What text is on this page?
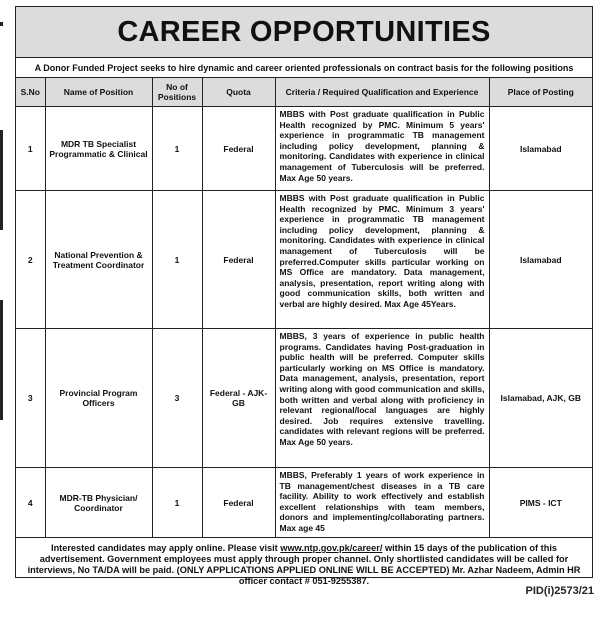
CAREER OPPORTUNITIES
A Donor Funded Project seeks to hire dynamic and career oriented professionals on contract basis for the following positions
S.No	Name of Position	No of Positions	Quota	Criteria / Required Qualification and Experience	Place of Posting
1	MDR TB Specialist Programmatic & Clinical	1	Federal	MBBS with Post graduate qualification in Public Health recognized by PMC. Minimum 5 years' experience in programmatic TB management including policy development, planning & monitoring. Candidates with experience in clinical management of Tuberculosis will be preferred. Max Age 50 years.	Islamabad
2	National Prevention & Treatment Coordinator	1	Federal	MBBS with Post graduate qualification in Public Health recognized by PMC. Minimum 3 years' experience in programmatic TB management including policy development, planning & monitoring. Candidates with experience in clinical management of Tuberculosis will be preferred.Computer skills particular working on MS Office are mandatory. Data management, analysis, presentation, report writing along with good communication skills, both written and verbal are highly desired. Max Age 45Years.	Islamabad
3	Provincial Program Officers	3	Federal - AJK-GB	MBBS, 3 years of experience in public health programs. Candidates having Post-graduation in public health will be preferred. Computer skills particularly working on MS Office is mandatory. Data management, analysis, presentation, report writing along with good communication and skills, both written and verbal along with proficiency in relevant regional/local languages are highly desired. Job requires extensive travelling. candidates with relevant regions will be preferred. Max Age 50 years.	Islamabad, AJK, GB
4	MDR-TB Physician/ Coordinator	1	Federal	MBBS, Preferably 1 years of work experience in TB management/chest diseases in a TB care facility. Ability to work effectively and establish excellent relationships with team members, donors and implementing/collaborating partners. Max age 45	PIMS - ICT
Interested candidates may apply online. Please visit www.ntp.gov.pk/career/ within 15 days of the publication of this advertisement. Government employees must apply through proper channel. Only shortlisted candidates will be called for interviews, No TA/DA will be paid. (ONLY APPLICATIONS APPLIED ONLINE WILL BE ACCEPTED) Mr. Azhar Nadeem, Admin HR officer contact # 051-9255387.
PID(i)2573/21
